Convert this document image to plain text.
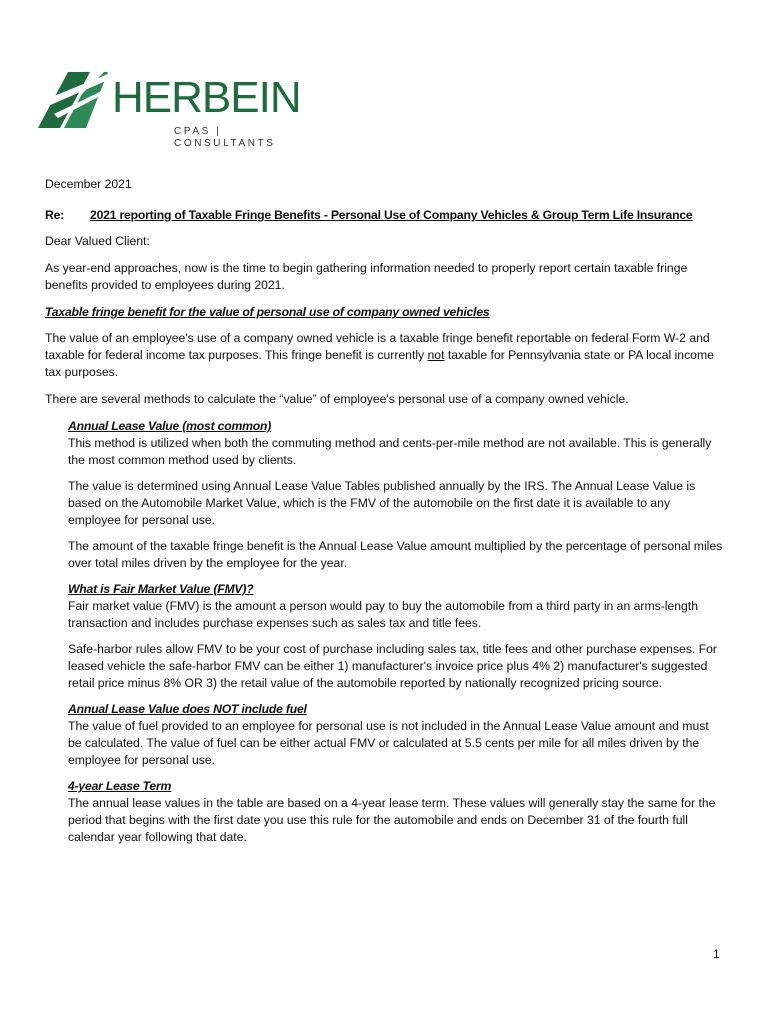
HERBEIN
CPAS | CONSULTANTS

December 2021

Re: 2021 reporting of Taxable Fringe Benefits - Personal Use of Company Vehicles & Group Term Life Insurance

Dear Valued Client:

As year-end approaches, now is the time to begin gathering information needed to properly report certain taxable fringe benefits provided to employees during 2021.

Taxable fringe benefit for the value of personal use of company owned vehicles

The value of an employee's use of a company owned vehicle is a taxable fringe benefit reportable on federal Form W-2 and taxable for federal income tax purposes. This fringe benefit is currently not taxable for Pennsylvania state or PA local income tax purposes.

There are several methods to calculate the “value” of employee's personal use of a company owned vehicle.

Annual Lease Value (most common)

This method is utilized when both the commuting method and cents-per-mile method are not available. This is generally the most common method used by clients.

The value is determined using Annual Lease Value Tables published annually by the IRS. The Annual Lease Value is based on the Automobile Market Value, which is the FMV of the automobile on the first date it is available to any employee for personal use.

The amount of the taxable fringe benefit is the Annual Lease Value amount multiplied by the percentage of personal miles over total miles driven by the employee for the year.

What is Fair Market Value (FMV)?

Fair market value (FMV) is the amount a person would pay to buy the automobile from a third party in an arms-length transaction and includes purchase expenses such as sales tax and title fees.

Safe-harbor rules allow FMV to be your cost of purchase including sales tax, title fees and other purchase expenses. For leased vehicle the safe-harbor FMV can be either 1) manufacturer's invoice price plus 4% 2) manufacturer's suggested retail price minus 8% OR 3) the retail value of the automobile reported by nationally recognized pricing source.

Annual Lease Value does NOT include fuel

The value of fuel provided to an employee for personal use is not included in the Annual Lease Value amount and must be calculated. The value of fuel can be either actual FMV or calculated at 5.5 cents per mile for all miles driven by the employee for personal use.

4-year Lease Term

The annual lease values in the table are based on a 4-year lease term. These values will generally stay the same for the period that begins with the first date you use this rule for the automobile and ends on December 31 of the fourth full calendar year following that date.

1
